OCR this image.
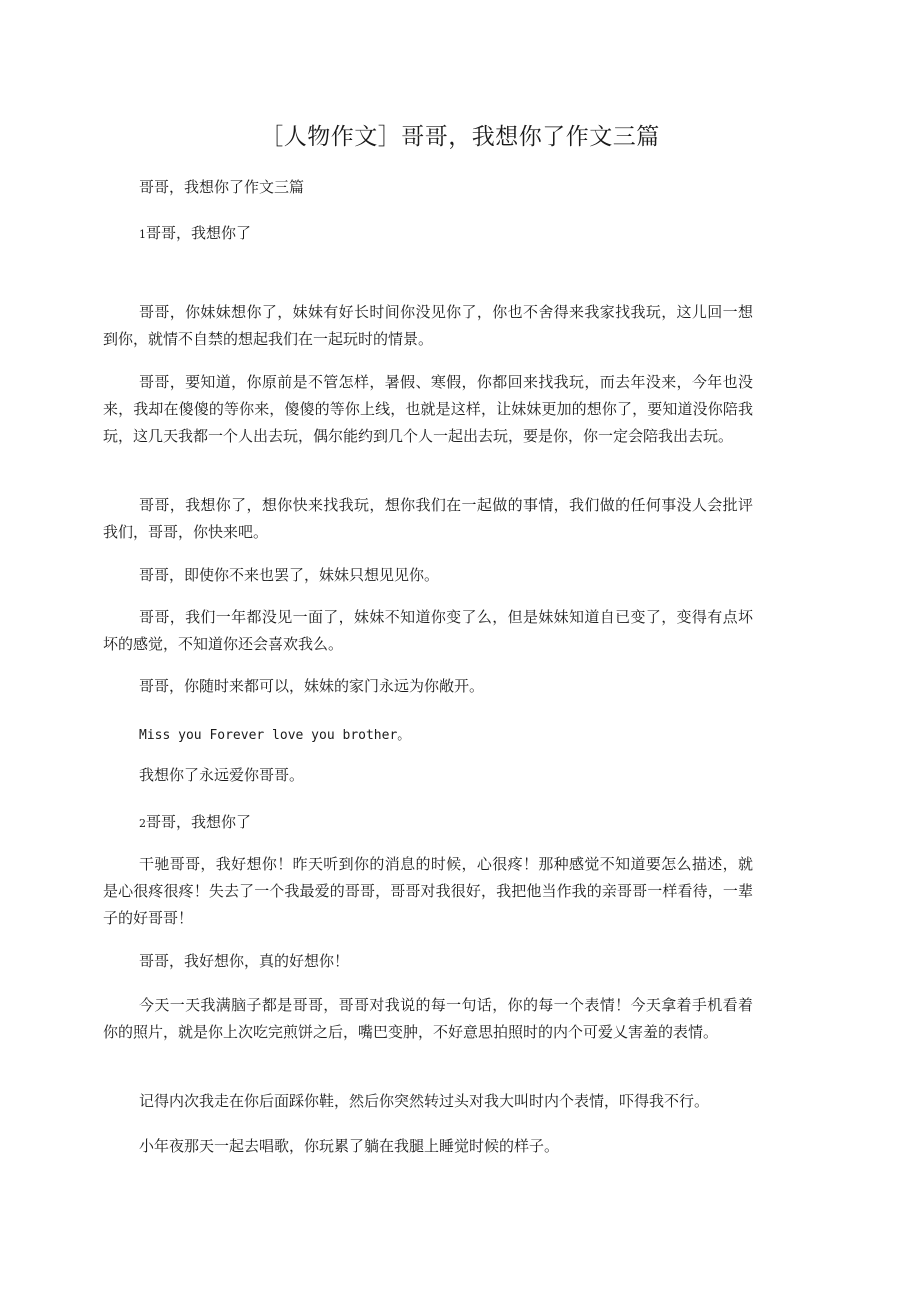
［人物作文］哥哥，我想你了作文三篇

哥哥，我想你了作文三篇

1哥哥，我想你了

哥哥，你妹妹想你了，妹妹有好长时间你没见你了，你也不舍得来我家找我玩，这儿回一想到你，就情不自禁的想起我们在一起玩时的情景。

哥哥，要知道，你原前是不管怎样，暑假、寒假，你都回来找我玩，而去年没来，今年也没来，我却在傻傻的等你来，傻傻的等你上线，也就是这样，让妹妹更加的想你了，要知道没你陪我玩，这几天我都一个人出去玩，偶尔能约到几个人一起出去玩，要是你，你一定会陪我出去玩。

哥哥，我想你了，想你快来找我玩，想你我们在一起做的事情，我们做的任何事没人会批评我们，哥哥，你快来吧。

哥哥，即使你不来也罢了，妹妹只想见见你。

哥哥，我们一年都没见一面了，妹妹不知道你变了么，但是妹妹知道自已变了，变得有点坏坏的感觉，不知道你还会喜欢我么。

哥哥，你随时来都可以，妹妹的家门永远为你敞开。

Miss you Forever love you brother。

我想你了永远爱你哥哥。

2哥哥，我想你了

干驰哥哥，我好想你！昨天听到你的消息的时候，心很疼！那种感觉不知道要怎么描述，就是心很疼很疼！失去了一个我最爱的哥哥，哥哥对我很好，我把他当作我的亲哥哥一样看待，一辈子的好哥哥！

哥哥，我好想你，真的好想你！

今天一天我满脑子都是哥哥，哥哥对我说的每一句话，你的每一个表情！今天拿着手机看着你的照片，就是你上次吃完煎饼之后，嘴巴变肿，不好意思拍照时的内个可爱乂害羞的表情。

记得内次我走在你后面踩你鞋，然后你突然转过头对我大叫时内个表情，吓得我不行。

小年夜那天一起去唱歌，你玩累了躺在我腿上睡觉时候的样子。
